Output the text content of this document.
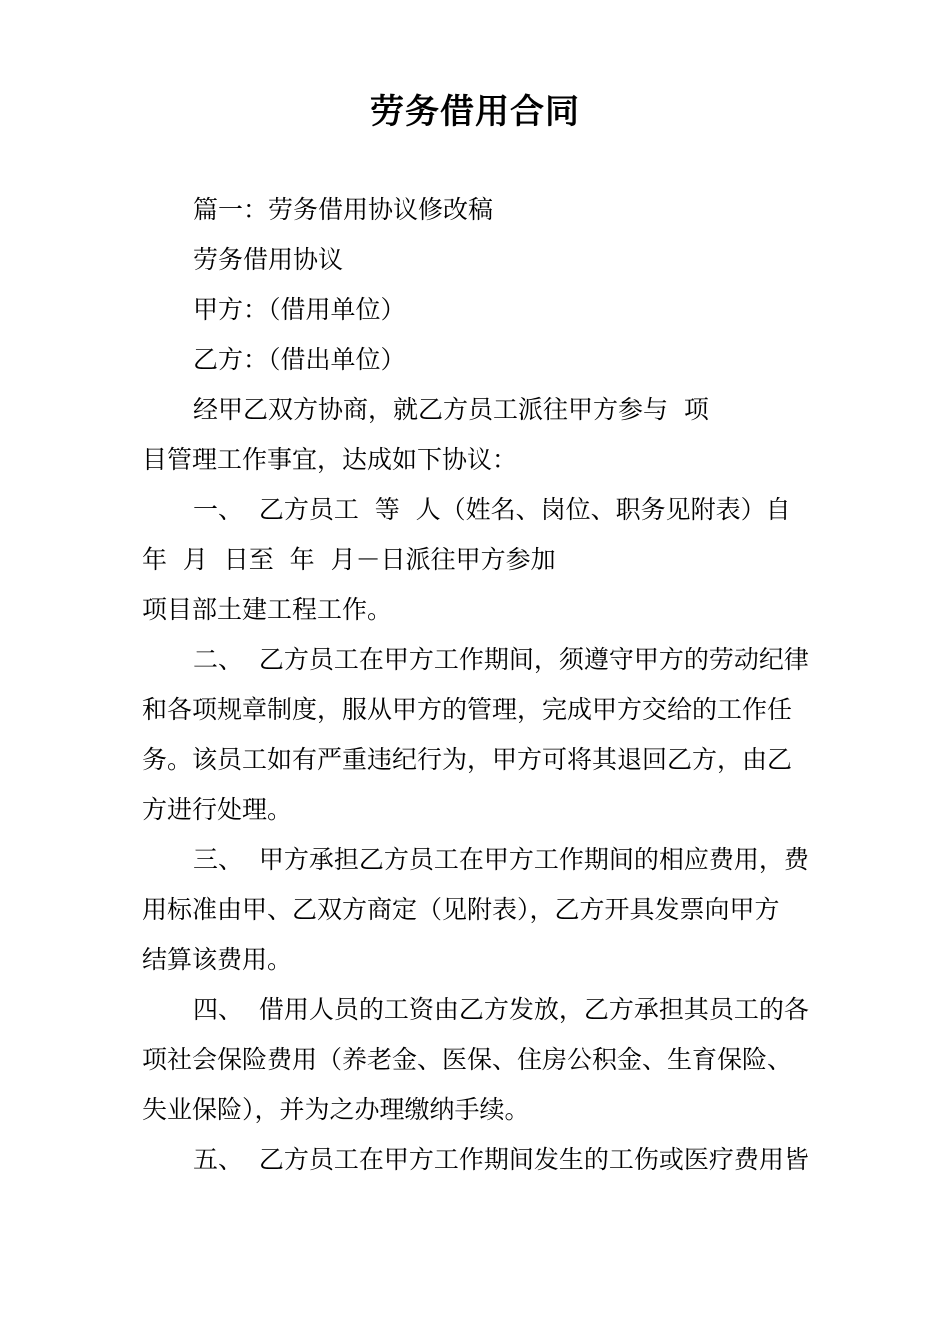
劳务借用合同

篇一：劳务借用协议修改稿

劳务借用协议

甲方：（借用单位）

乙方：（借出单位）

经甲乙双方协商，就乙方员工派往甲方参与  项

目管理工作事宜，达成如下协议：

一、  乙方员工  等  人（姓名、岗位、职务见附表）自

年  月  日至  年  月－日派往甲方参加

项目部土建工程工作。

二、  乙方员工在甲方工作期间，须遵守甲方的劳动纪律

和各项规章制度，服从甲方的管理，完成甲方交给的工作任

务。该员工如有严重违纪行为，甲方可将其退回乙方，由乙

方进行处理。

三、  甲方承担乙方员工在甲方工作期间的相应费用，费

用标准由甲、乙双方商定（见附表），乙方开具发票向甲方

结算该费用。

四、  借用人员的工资由乙方发放，乙方承担其员工的各

项社会保险费用（养老金、医保、住房公积金、生育保险、

失业保险），并为之办理缴纳手续。

五、  乙方员工在甲方工作期间发生的工伤或医疗费用皆
